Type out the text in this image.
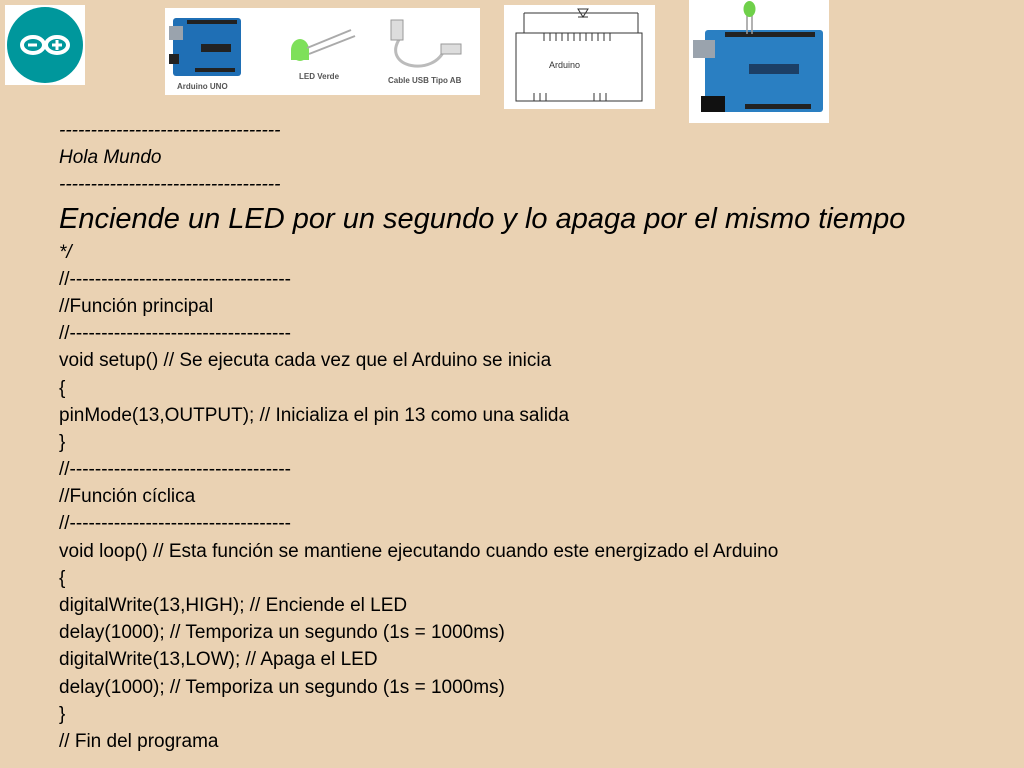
Arduino UNO
LED Verde	Cable USB Tipo AB
Arduino
-----------------------------------
Hola Mundo
-----------------------------------
Enciende un LED por un segundo y lo apaga por el mismo tiempo
*/
//-----------------------------------
//Función principal
//-----------------------------------
void setup() // Se ejecuta cada vez que el Arduino se inicia
{
pinMode(13,OUTPUT); // Inicializa el pin 13 como una salida
}
//-----------------------------------
//Función cíclica
//-----------------------------------
void loop() // Esta función se mantiene ejecutando cuando este energizado el Arduino
{
digitalWrite(13,HIGH); // Enciende el LED
delay(1000); // Temporiza un segundo (1s = 1000ms)
digitalWrite(13,LOW); // Apaga el LED
delay(1000); // Temporiza un segundo (1s = 1000ms)
}
// Fin del programa
